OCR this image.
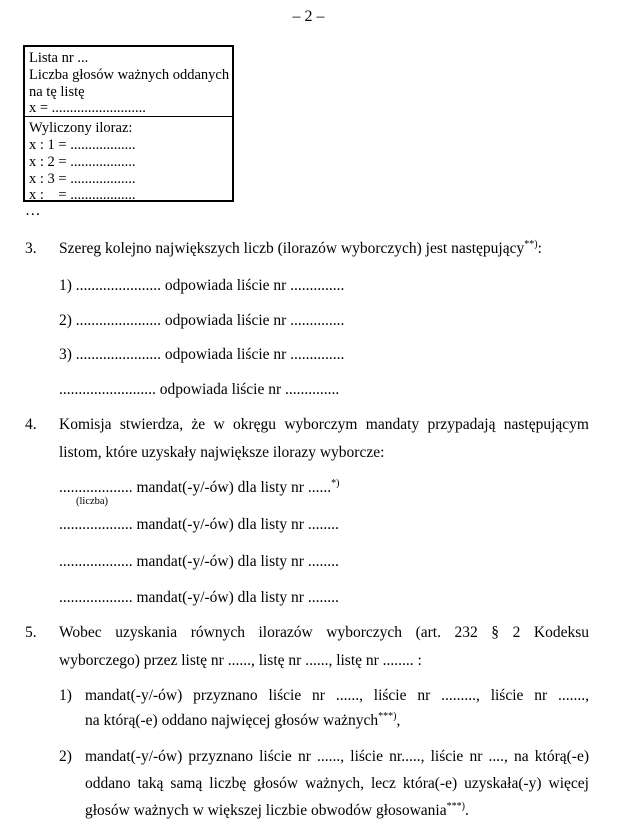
– 2 –
Lista nr ...
Liczba głosów ważnych oddanych
na tę listę
x = ..........................
Wyliczony iloraz:
x : 1 = ..................
x : 2 = ..................
x : 3 = ..................
x :    = ..................
…
3. Szereg kolejno największych liczb (ilorazów wyborczych) jest następujący**):
1) ...................... odpowiada liście nr ..............
2) ...................... odpowiada liście nr ..............
3) ...................... odpowiada liście nr ..............
......................... odpowiada liście nr ..............
4. Komisja stwierdza, że w okręgu wyborczym mandaty przypadają następującym
listom, które uzyskały największe ilorazy wyborcze:
................... mandat(-y/-ów) dla listy nr ......*)
(liczba)
................... mandat(-y/-ów) dla listy nr ........
................... mandat(-y/-ów) dla listy nr ........
................... mandat(-y/-ów) dla listy nr ........
5. Wobec uzyskania równych ilorazów wyborczych (art. 232 § 2 Kodeksu
wyborczego) przez listę nr ......, listę nr ......, listę nr ........ :
1) mandat(-y/-ów) przyznano liście nr ......, liście nr ........., liście nr .......,
na którą(-e) oddano najwięcej głosów ważnych***),
2) mandat(-y/-ów) przyznano liście nr ......, liście nr....., liście nr ...., na którą(-e)
oddano taką samą liczbę głosów ważnych, lecz która(-e) uzyskała(-y) więcej
głosów ważnych w większej liczbie obwodów głosowania***).
